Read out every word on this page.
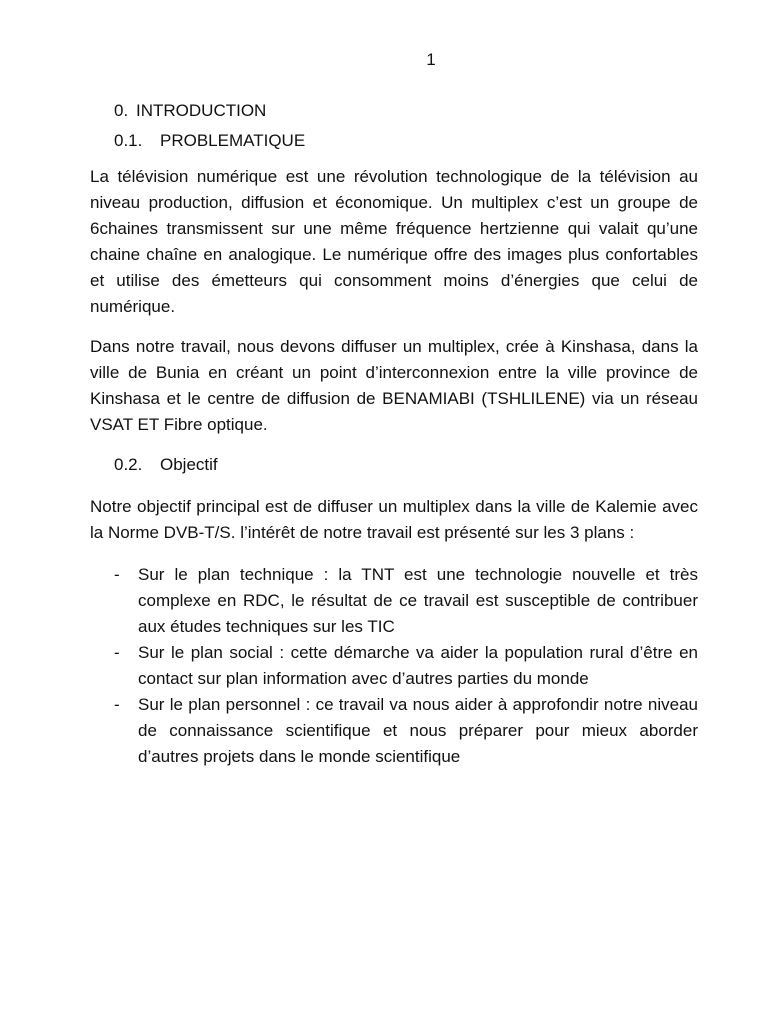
1
0. INTRODUCTION
0.1. PROBLEMATIQUE

La télévision numérique est une révolution technologique de la télévision au niveau production, diffusion et économique. Un multiplex c’est un groupe de 6chaines transmissent sur une même fréquence hertzienne qui valait qu’une chaine chaîne en analogique. Le numérique offre des images plus confortables et utilise des émetteurs qui consomment moins d’énergies que celui de numérique.

Dans notre travail, nous devons diffuser un multiplex, crée à Kinshasa, dans la ville de Bunia en créant un point d’interconnexion entre la ville province de Kinshasa et le centre de diffusion de BENAMIABI (TSHLILENE) via un réseau VSAT ET Fibre optique.

0.2. Objectif

Notre objectif principal est de diffuser un multiplex dans la ville de Kalemie avec la Norme DVB-T/S. l’intérêt de notre travail est présenté sur les 3 plans :

- Sur le plan technique : la TNT est une technologie nouvelle et très complexe en RDC, le résultat de ce travail est susceptible de contribuer aux études techniques sur les TIC
- Sur le plan social : cette démarche va aider la population rural d’être en contact sur plan information avec d’autres parties du monde
- Sur le plan personnel : ce travail va nous aider à approfondir notre niveau de connaissance scientifique et nous préparer pour mieux aborder d’autres projets dans le monde scientifique
